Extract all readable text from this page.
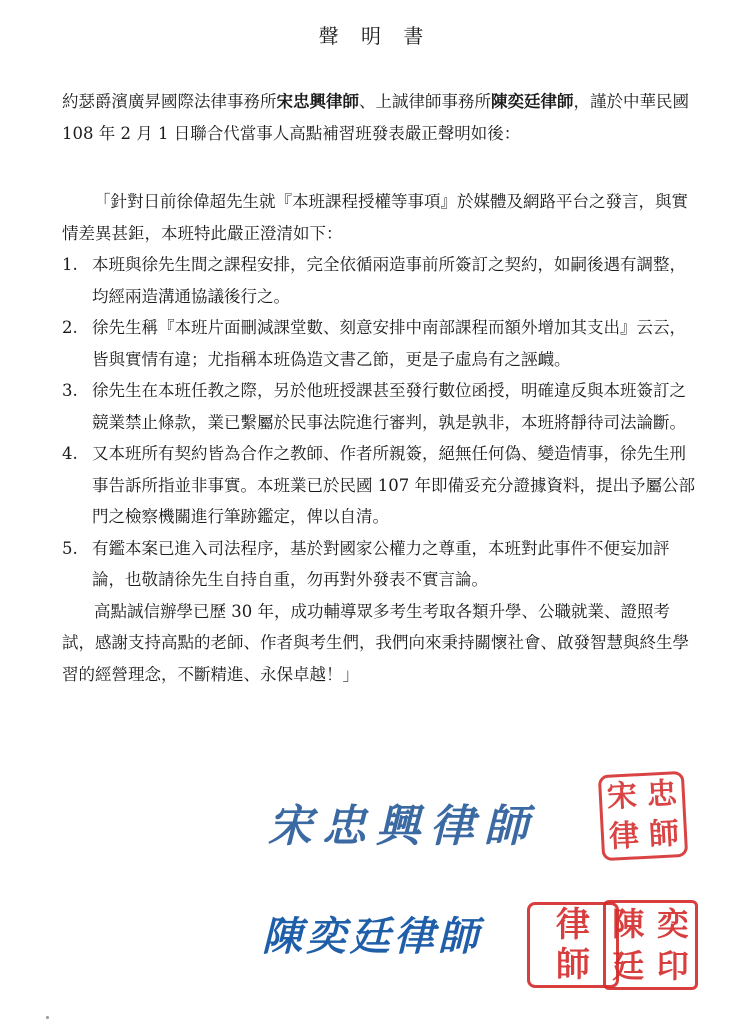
聲 明 書
約瑟爵濱廣昇國際法律事務所宋忠興律師、上誠律師事務所陳奕廷律師，謹於中華民國 108 年 2 月 1 日聯合代當事人高點補習班發表嚴正聲明如後：

「針對日前徐偉超先生就『本班課程授權等事項』於媒體及網路平台之發言，與實情差異甚鉅，本班特此嚴正澄清如下：

1. 本班與徐先生間之課程安排，完全依循兩造事前所簽訂之契約，如嗣後遇有調整，均經兩造溝通協議後行之。
2. 徐先生稱『本班片面刪減課堂數、刻意安排中南部課程而額外增加其支出』云云，皆與實情有違；尤指稱本班偽造文書乙節，更是子虛烏有之誣衊。
3. 徐先生在本班任教之際，另於他班授課甚至發行數位函授，明確違反與本班簽訂之競業禁止條款，業已繫屬於民事法院進行審判，孰是孰非，本班將靜待司法論斷。
4. 又本班所有契約皆為合作之教師、作者所親簽，絕無任何偽、變造情事，徐先生刑事告訴所指並非事實。本班業已於民國 107 年即備妥充分證據資料，提出予屬公部門之檢察機關進行筆跡鑑定，俾以自清。
5. 有鑑本案已進入司法程序，基於對國家公權力之尊重，本班對此事件不便妄加評論，也敬請徐先生自持自重，勿再對外發表不實言論。

高點誠信辦學已歷 30 年，成功輔導眾多考生考取各類升學、公職就業、證照考試，感謝支持高點的老師、作者與考生們，我們向來秉持關懷社會、啟發智慧與終生學習的經營理念，不斷精進、永保卓越！」

宋忠興律師
宋 忠
律 師
陳奕廷律師 律
師
陳 奕
廷 印
